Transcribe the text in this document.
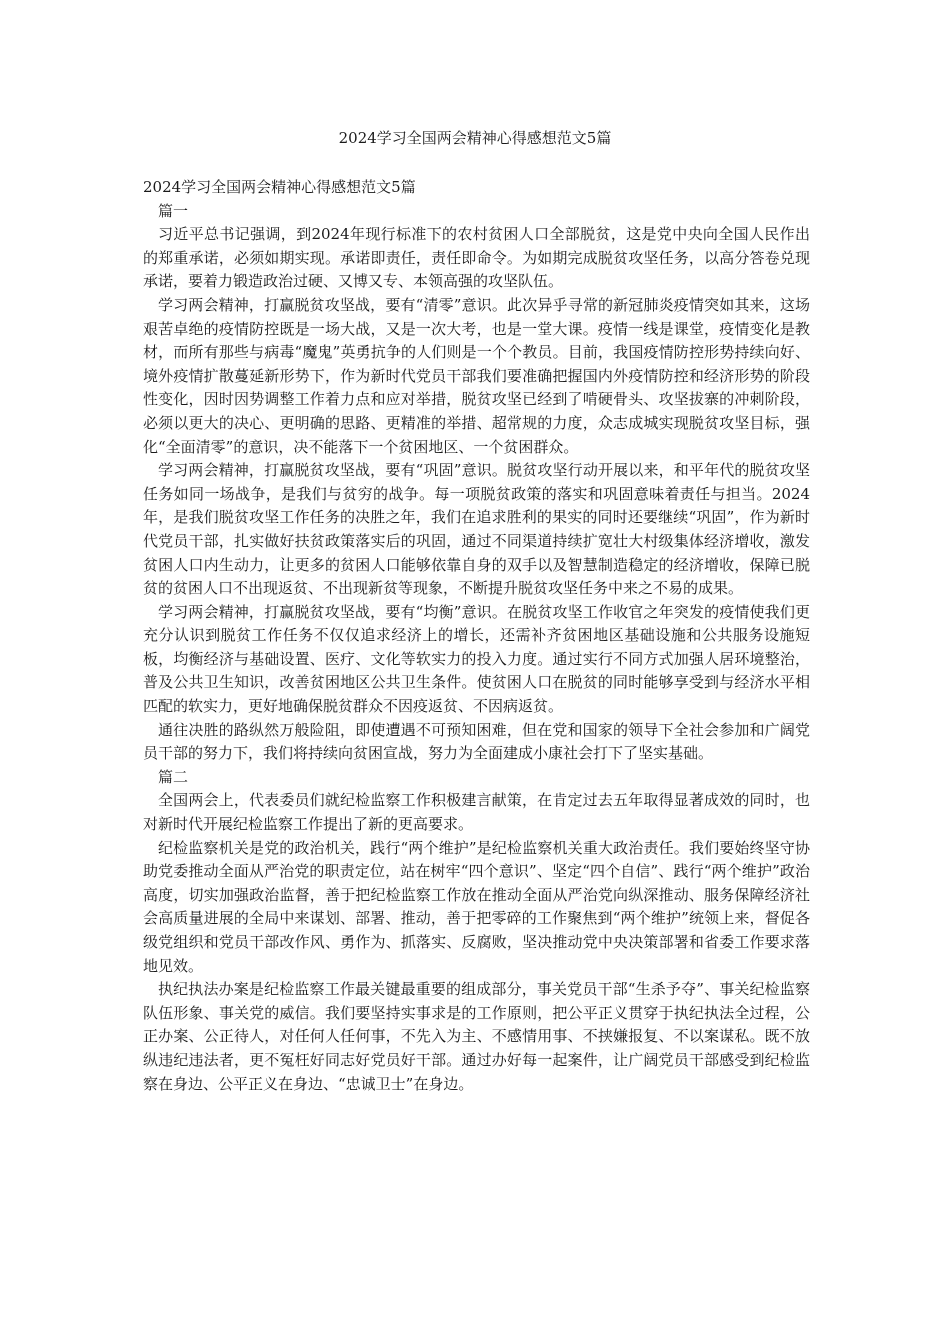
2024学习全国两会精神心得感想范文5篇

2024学习全国两会精神心得感想范文5篇

篇一

习近平总书记强调，到2024年现行标准下的农村贫困人口全部脱贫，这是党中央向全国人民作出的郑重承诺，必须如期实现。承诺即责任，责任即命令。为如期完成脱贫攻坚任务，以高分答卷兑现承诺，要着力锻造政治过硬、又博又专、本领高强的攻坚队伍。

学习两会精神，打赢脱贫攻坚战，要有“清零”意识。此次异乎寻常的新冠肺炎疫情突如其来，这场艰苦卓绝的疫情防控既是一场大战，又是一次大考，也是一堂大课。疫情一线是课堂，疫情变化是教材，而所有那些与病毒“魔鬼”英勇抗争的人们则是一个个教员。目前，我国疫情防控形势持续向好、境外疫情扩散蔓延新形势下，作为新时代党员干部我们要准确把握国内外疫情防控和经济形势的阶段性变化，因时因势调整工作着力点和应对举措，脱贫攻坚已经到了啃硬骨头、攻坚拔寨的冲刺阶段，必须以更大的决心、更明确的思路、更精准的举措、超常规的力度，众志成城实现脱贫攻坚目标，强化“全面清零”的意识，决不能落下一个贫困地区、一个贫困群众。

学习两会精神，打赢脱贫攻坚战，要有“巩固”意识。脱贫攻坚行动开展以来，和平年代的脱贫攻坚任务如同一场战争，是我们与贫穷的战争。每一项脱贫政策的落实和巩固意味着责任与担当。2024年，是我们脱贫攻坚工作任务的决胜之年，我们在追求胜利的果实的同时还要继续“巩固”，作为新时代党员干部，扎实做好扶贫政策落实后的巩固，通过不同渠道持续扩宽壮大村级集体经济增收，激发贫困人口内生动力，让更多的贫困人口能够依靠自身的双手以及智慧制造稳定的经济增收，保障已脱贫的贫困人口不出现返贫、不出现新贫等现象，不断提升脱贫攻坚任务中来之不易的成果。

学习两会精神，打赢脱贫攻坚战，要有“均衡”意识。在脱贫攻坚工作收官之年突发的疫情使我们更充分认识到脱贫工作任务不仅仅追求经济上的增长，还需补齐贫困地区基础设施和公共服务设施短板，均衡经济与基础设置、医疗、文化等软实力的投入力度。通过实行不同方式加强人居环境整治，普及公共卫生知识，改善贫困地区公共卫生条件。使贫困人口在脱贫的同时能够享受到与经济水平相匹配的软实力，更好地确保脱贫群众不因疫返贫、不因病返贫。

通往决胜的路纵然万般险阻，即使遭遇不可预知困难，但在党和国家的领导下全社会参加和广阔党员干部的努力下，我们将持续向贫困宣战，努力为全面建成小康社会打下了坚实基础。

篇二

全国两会上，代表委员们就纪检监察工作积极建言献策，在肯定过去五年取得显著成效的同时，也对新时代开展纪检监察工作提出了新的更高要求。

纪检监察机关是党的政治机关，践行“两个维护”是纪检监察机关重大政治责任。我们要始终坚守协助党委推动全面从严治党的职责定位，站在树牢“四个意识”、坚定“四个自信”、践行“两个维护”政治高度，切实加强政治监督，善于把纪检监察工作放在推动全面从严治党向纵深推动、服务保障经济社会高质量进展的全局中来谋划、部署、推动，善于把零碎的工作聚焦到“两个维护”统领上来，督促各级党组织和党员干部改作风、勇作为、抓落实、反腐败，坚决推动党中央决策部署和省委工作要求落地见效。

执纪执法办案是纪检监察工作最关键最重要的组成部分，事关党员干部“生杀予夺”、事关纪检监察队伍形象、事关党的威信。我们要坚持实事求是的工作原则，把公平正义贯穿于执纪执法全过程，公正办案、公正待人，对任何人任何事，不先入为主、不感情用事、不挟嫌报复、不以案谋私。既不放纵违纪违法者，更不冤枉好同志好党员好干部。通过办好每一起案件，让广阔党员干部感受到纪检监察在身边、公平正义在身边、“忠诚卫士”在身边。
